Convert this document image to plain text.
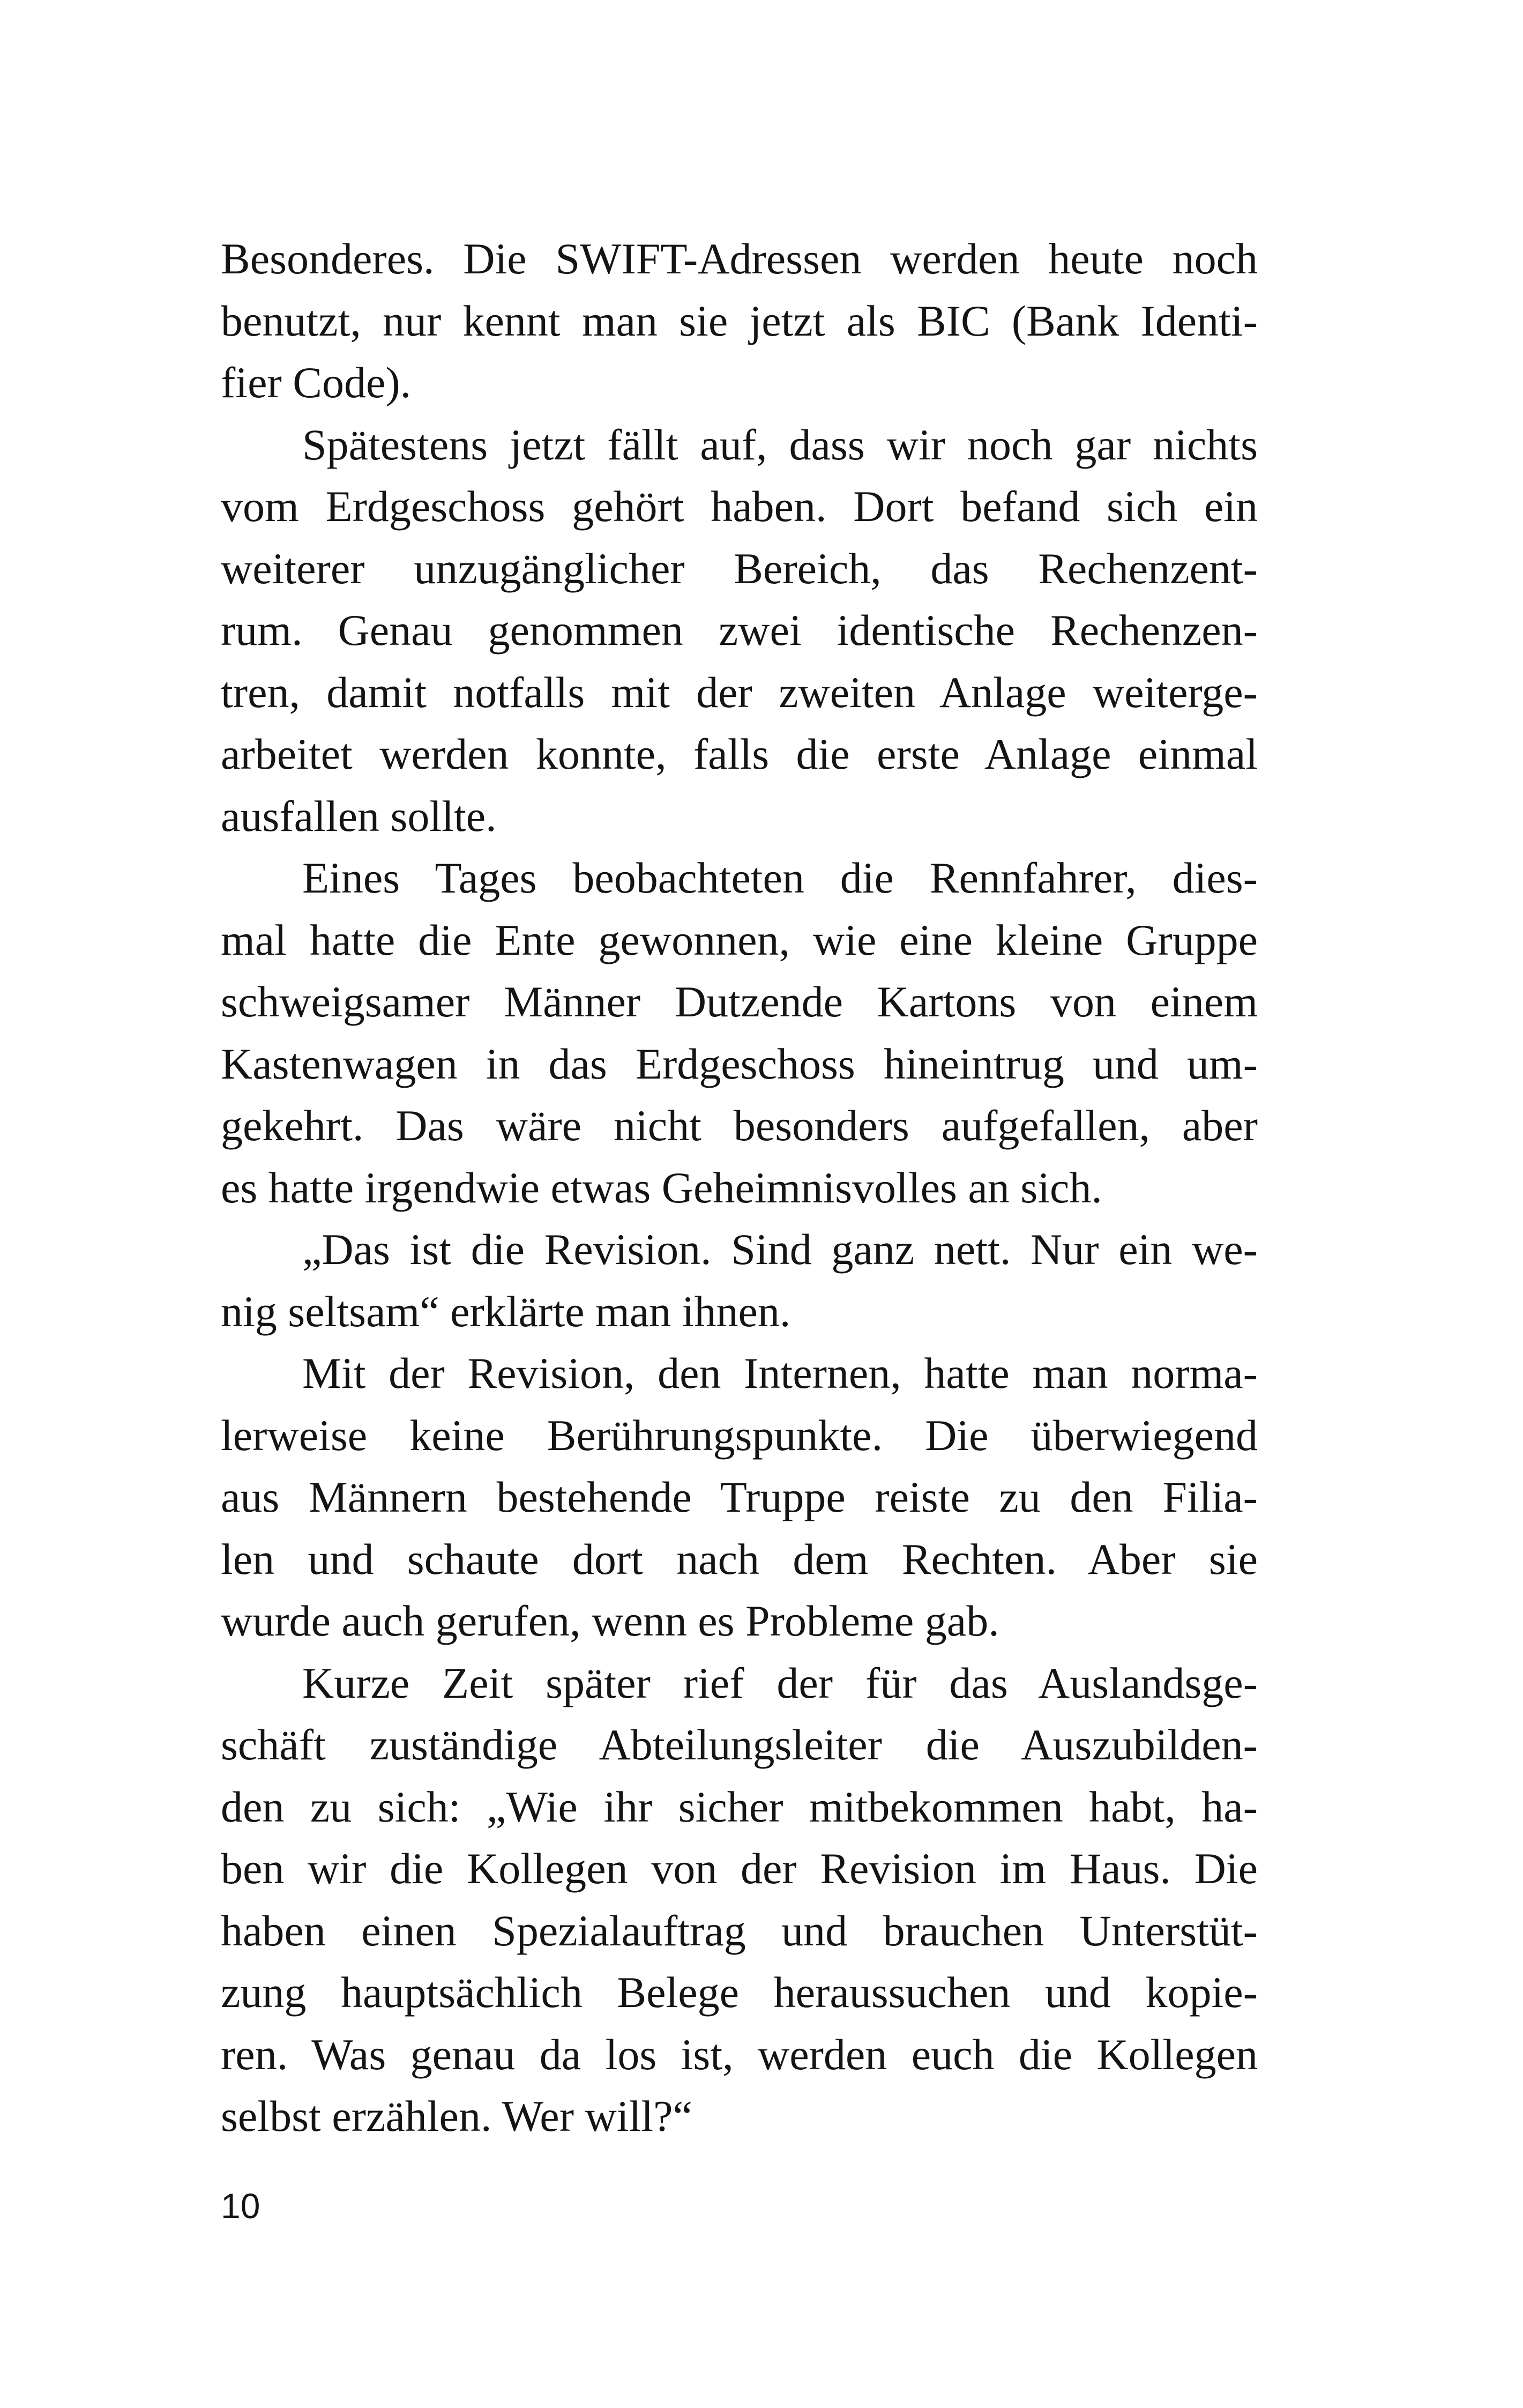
Besonderes. Die SWIFT-Adressen werden heute noch
benutzt, nur kennt man sie jetzt als BIC (Bank Identi-
fier Code).
Spätestens jetzt fällt auf, dass wir noch gar nichts
vom Erdgeschoss gehört haben. Dort befand sich ein
weiterer unzugänglicher Bereich, das Rechenzent-
rum. Genau genommen zwei identische Rechenzen-
tren, damit notfalls mit der zweiten Anlage weiterge-
arbeitet werden konnte, falls die erste Anlage einmal
ausfallen sollte.
Eines Tages beobachteten die Rennfahrer, dies-
mal hatte die Ente gewonnen, wie eine kleine Gruppe
schweigsamer Männer Dutzende Kartons von einem
Kastenwagen in das Erdgeschoss hineintrug und um-
gekehrt. Das wäre nicht besonders aufgefallen, aber
es hatte irgendwie etwas Geheimnisvolles an sich.
„Das ist die Revision. Sind ganz nett. Nur ein we-
nig seltsam“ erklärte man ihnen.
Mit der Revision, den Internen, hatte man norma-
lerweise keine Berührungspunkte. Die überwiegend
aus Männern bestehende Truppe reiste zu den Filia-
len und schaute dort nach dem Rechten. Aber sie
wurde auch gerufen, wenn es Probleme gab.
Kurze Zeit später rief der für das Auslandsge-
schäft zuständige Abteilungsleiter die Auszubilden-
den zu sich: „Wie ihr sicher mitbekommen habt, ha-
ben wir die Kollegen von der Revision im Haus. Die
haben einen Spezialauftrag und brauchen Unterstüt-
zung hauptsächlich Belege heraussuchen und kopie-
ren. Was genau da los ist, werden euch die Kollegen
selbst erzählen. Wer will?“
10
